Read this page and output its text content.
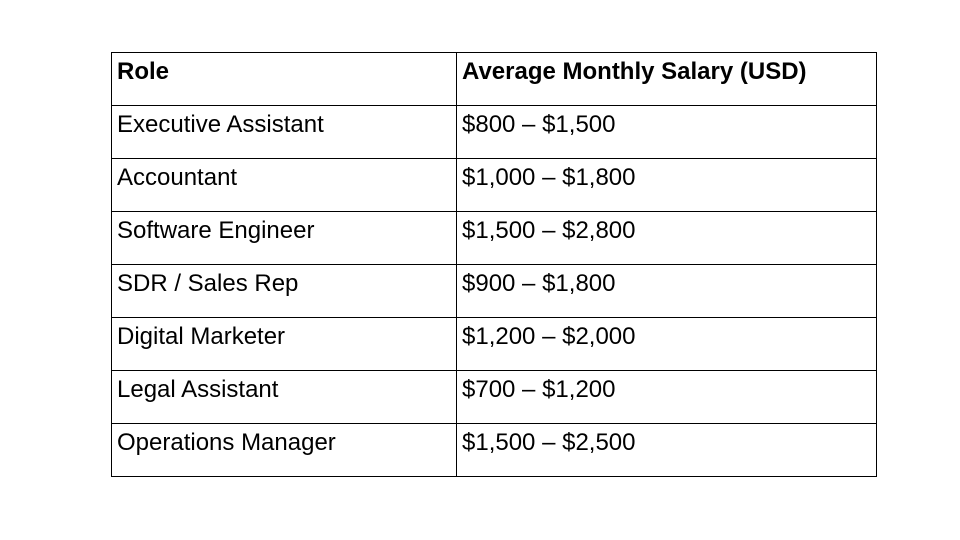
Role	Average Monthly Salary (USD)

Executive Assistant	$800 – $1,500

Accountant	$1,000 – $1,800

Software Engineer	$1,500 – $2,800

SDR / Sales Rep	$900 – $1,800

Digital Marketer	$1,200 – $2,000

Legal Assistant	$700 – $1,200

Operations Manager	$1,500 – $2,500
